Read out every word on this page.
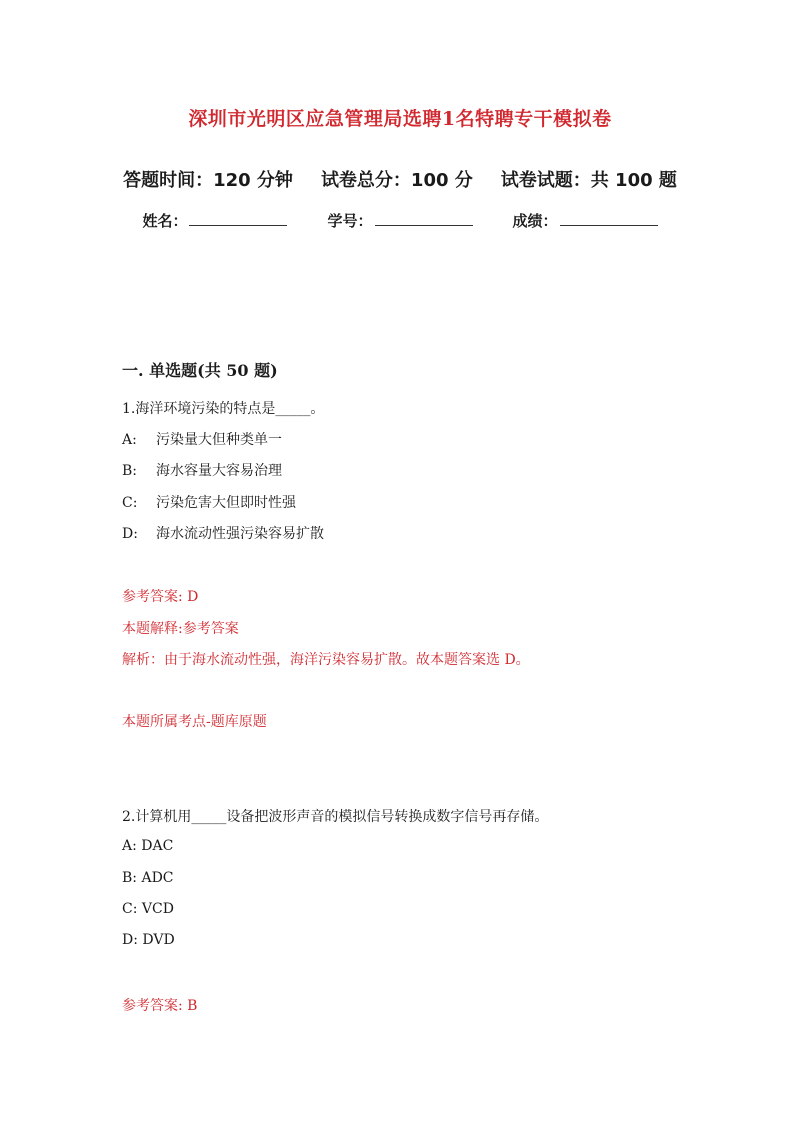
深圳市光明区应急管理局选聘1名特聘专干模拟卷
答题时间：120 分钟 试卷总分：100 分 试卷试题：共 100 题
姓名：	学号：	成绩：
一. 单选题(共 50 题)
1.海洋环境污染的特点是_____。
A: 污染量大但种类单一
B: 海水容量大容易治理
C: 污染危害大但即时性强
D: 海水流动性强污染容易扩散
参考答案: D
本题解释:参考答案
解析：由于海水流动性强，海洋污染容易扩散。故本题答案选 D。
本题所属考点-题库原题
2.计算机用_____设备把波形声音的模拟信号转换成数字信号再存储。
A: DAC
B: ADC
C: VCD
D: DVD
参考答案: B
